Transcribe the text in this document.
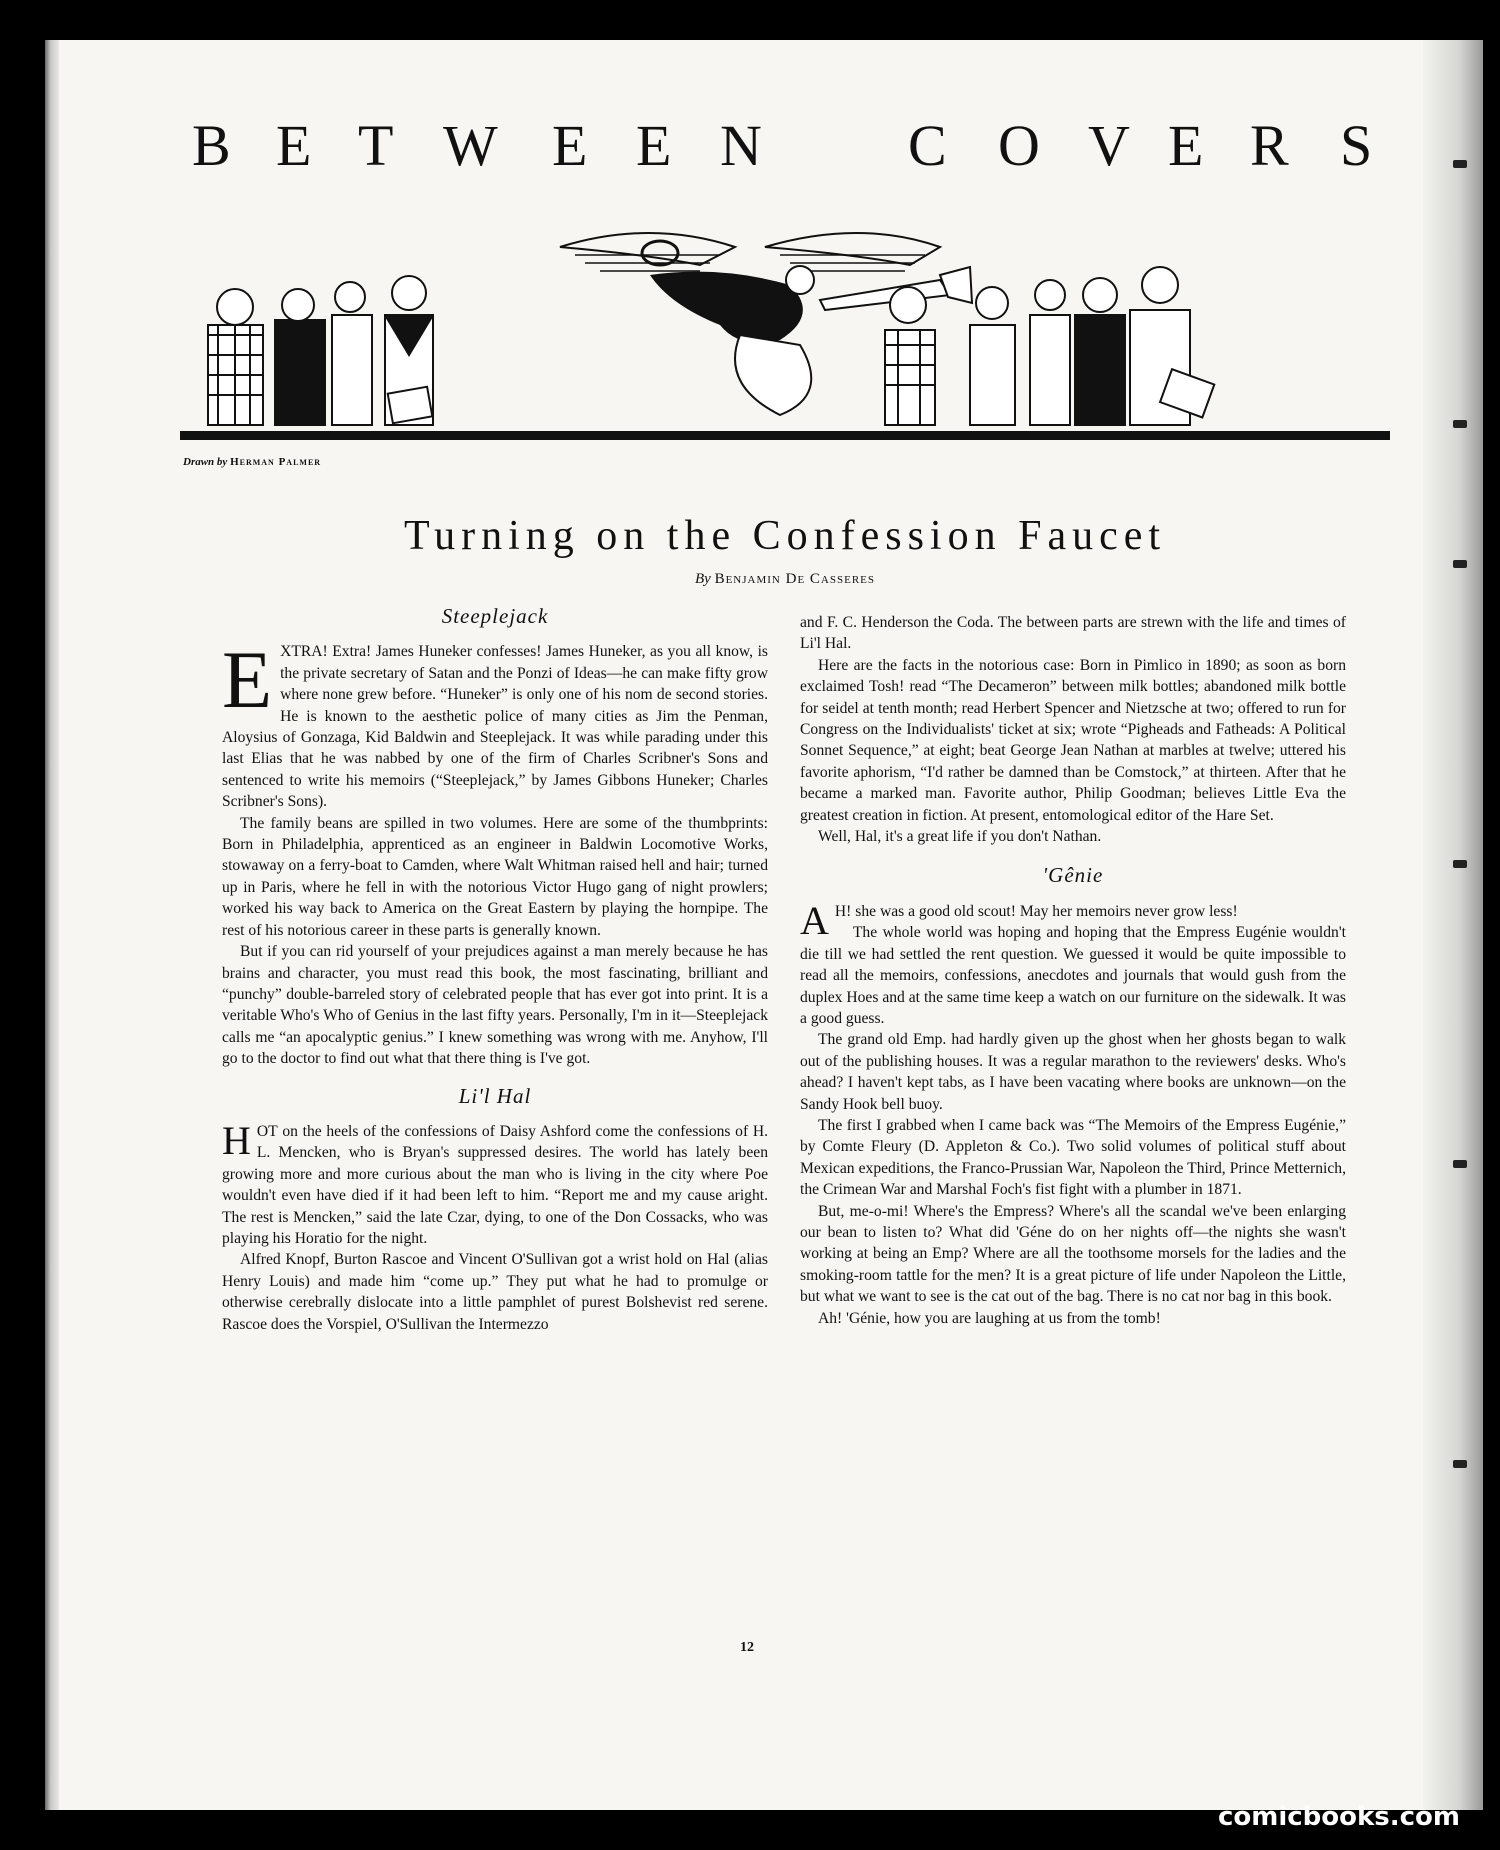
B E T W E E N	C O V E R S
Drawn by Herman Palmer
Turning on the Confession Faucet
By Benjamin De Casseres
Steeplejack

EXTRA! Extra! James Huneker confesses! James Huneker, as you all know, is the private secretary of Satan and the Ponzi of Ideas—he can make fifty grow where none grew before. “Huneker” is only one of his nom de second stories. He is known to the aesthetic police of many cities as Jim the Penman, Aloysius of Gonzaga, Kid Baldwin and Steeplejack. It was while parading under this last Elias that he was nabbed by one of the firm of Charles Scribner's Sons and sentenced to write his memoirs (“Steeplejack,” by James Gibbons Huneker; Charles Scribner's Sons).

The family beans are spilled in two volumes. Here are some of the thumbprints: Born in Philadelphia, apprenticed as an engineer in Baldwin Locomotive Works, stowaway on a ferry-boat to Camden, where Walt Whitman raised hell and hair; turned up in Paris, where he fell in with the notorious Victor Hugo gang of night prowlers; worked his way back to America on the Great Eastern by playing the hornpipe. The rest of his notorious career in these parts is generally known.

But if you can rid yourself of your prejudices against a man merely because he has brains and character, you must read this book, the most fascinating, brilliant and “punchy” double-barreled story of celebrated people that has ever got into print. It is a veritable Who's Who of Genius in the last fifty years. Personally, I'm in it—Steeplejack calls me “an apocalyptic genius.” I knew something was wrong with me. Anyhow, I'll go to the doctor to find out what that there thing is I've got.

Li'l Hal

HOT on the heels of the confessions of Daisy Ashford come the confessions of H. L. Mencken, who is Bryan's suppressed desires. The world has lately been growing more and more curious about the man who is living in the city where Poe wouldn't even have died if it had been left to him. “Report me and my cause aright. The rest is Mencken,” said the late Czar, dying, to one of the Don Cossacks, who was playing his Horatio for the night.

Alfred Knopf, Burton Rascoe and Vincent O'Sullivan got a wrist hold on Hal (alias Henry Louis) and made him “come up.” They put what he had to promulge or otherwise cerebrally dislocate into a little pamphlet of purest Bolshevist red serene. Rascoe does the Vorspiel, O'Sullivan the Intermezzo

and F. C. Henderson the Coda. The between parts are strewn with the life and times of Li'l Hal.

Here are the facts in the notorious case: Born in Pimlico in 1890; as soon as born exclaimed Tosh! read “The Decameron” between milk bottles; abandoned milk bottle for seidel at tenth month; read Herbert Spencer and Nietzsche at two; offered to run for Congress on the Individualists' ticket at six; wrote “Pigheads and Fatheads: A Political Sonnet Sequence,” at eight; beat George Jean Nathan at marbles at twelve; uttered his favorite aphorism, “I'd rather be damned than be Comstock,” at thirteen. After that he became a marked man. Favorite author, Philip Goodman; believes Little Eva the greatest creation in fiction. At present, entomological editor of the Hare Set.

Well, Hal, it's a great life if you don't Nathan.

'Gênie

A H! she was a good old scout! May her memoirs never grow less!

The whole world was hoping and hoping that the Empress Eugénie wouldn't die till we had settled the rent question. We guessed it would be quite impossible to read all the memoirs, confessions, anecdotes and journals that would gush from the duplex Hoes and at the same time keep a watch on our furniture on the sidewalk. It was a good guess.

The grand old Emp. had hardly given up the ghost when her ghosts began to walk out of the publishing houses. It was a regular marathon to the reviewers' desks. Who's ahead? I haven't kept tabs, as I have been vacating where books are unknown—on the Sandy Hook bell buoy.

The first I grabbed when I came back was “The Memoirs of the Empress Eugénie,” by Comte Fleury (D. Appleton & Co.). Two solid volumes of political stuff about Mexican expeditions, the Franco-Prussian War, Napoleon the Third, Prince Metternich, the Crimean War and Marshal Foch's fist fight with a plumber in 1871.

But, me-o-mi! Where's the Empress? Where's all the scandal we've been enlarging our bean to listen to? What did 'Géne do on her nights off—the nights she wasn't working at being an Emp? Where are all the toothsome morsels for the ladies and the smoking-room tattle for the men? It is a great picture of life under Napoleon the Little, but what we want to see is the cat out of the bag. There is no cat nor bag in this book.

Ah! 'Génie, how you are laughing at us from the tomb!

12
comicbooks.com
